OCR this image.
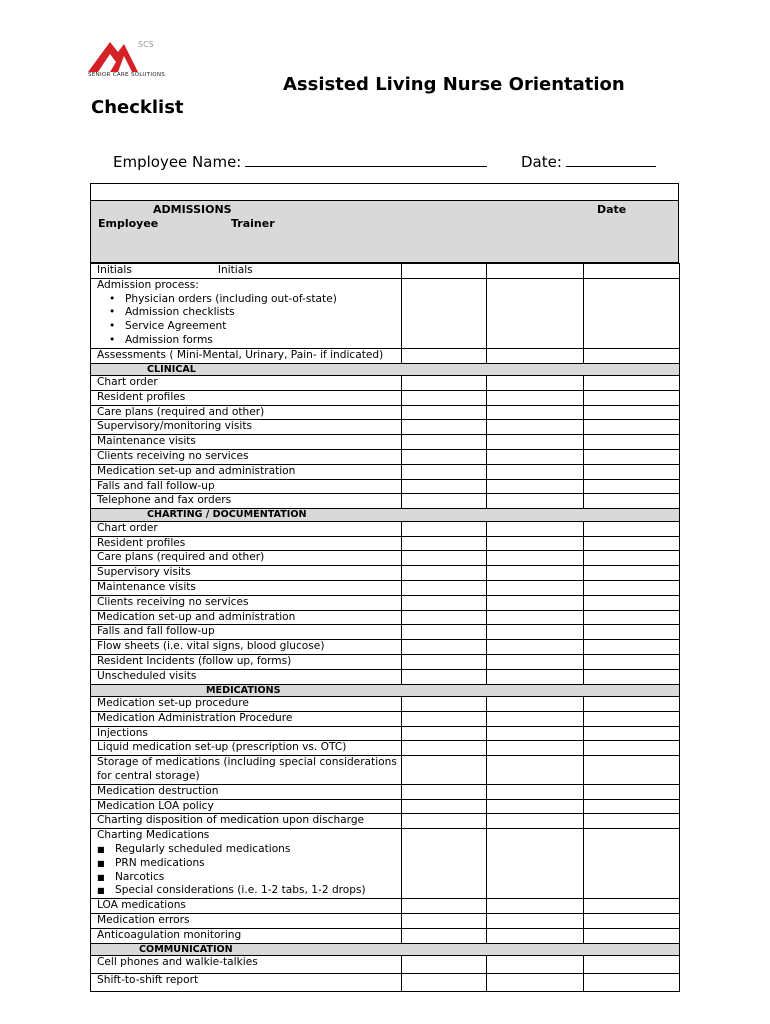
SCS
SENIOR CARE SOLUTIONS	Assisted Living Nurse Orientation
Checklist
Employee Name:	Date:
ADMISSIONS
Employee	Trainer
Date
Initials Initials			
Admission process:
• Physician orders (including out-of-state)
• Admission checklists
• Service Agreement
• Admission forms			
Assessments ( Mini-Mental, Urinary, Pain- if indicated)			
CLINICAL			
Chart order			
Resident profiles			
Care plans (required and other)			
Supervisory/monitoring visits			
Maintenance visits			
Clients receiving no services			
Medication set-up and administration			
Falls and fall follow-up			
Telephone and fax orders			
CHARTING / DOCUMENTATION			
Chart order			
Resident profiles			
Care plans (required and other)			
Supervisory visits			
Maintenance visits			
Clients receiving no services			
Medication set-up and administration			
Falls and fall follow-up			
Flow sheets (i.e. vital signs, blood glucose)			
Resident Incidents (follow up, forms)			
Unscheduled visits			
MEDICATIONS			
Medication set-up procedure			
Medication Administration Procedure			
Injections			
Liquid medication set-up (prescription vs. OTC)			
Storage of medications (including special considerations for central storage)			
Medication destruction			
Medication LOA policy			
Charting disposition of medication upon discharge			
Charting Medications
■ Regularly scheduled medications
■ PRN medications
■ Narcotics
■ Special considerations (i.e. 1-2 tabs, 1-2 drops)			
LOA medications			
Medication errors			
Anticoagulation monitoring			
COMMUNICATION			
Cell phones and walkie-talkies			
Shift-to-shift report			
